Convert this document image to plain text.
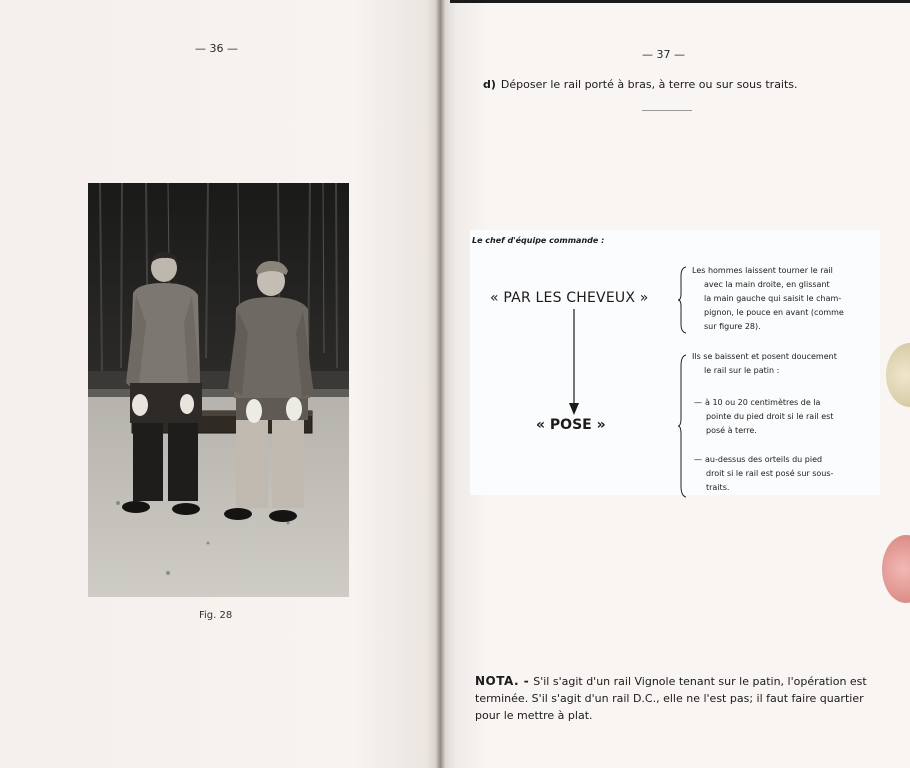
— 36 —
Fig. 28
— 37 —
d) Déposer le rail porté à bras, à terre ou sur sous traits.
Le chef d'équipe commande :
« PAR LES CHEVEUX »
« POSE »
Les hommes laissent tourner le rail
avec la main droite, en glissant
la main gauche qui saisit le cham-
pignon, le pouce en avant (comme
sur figure 28).
Ils se baissent et posent doucement
le rail sur le patin :
— à 10 ou 20 centimètres de la
pointe du pied droit si le rail est
posé à terre.
— au-dessus des orteils du pied
droit si le rail est posé sur sous-
traits.
NOTA. - S'il s'agit d'un rail Vignole tenant sur le patin, l'opération est terminée. S'il s'agit d'un rail D.C., elle ne l'est pas; il faut faire quartier pour le mettre à plat.
